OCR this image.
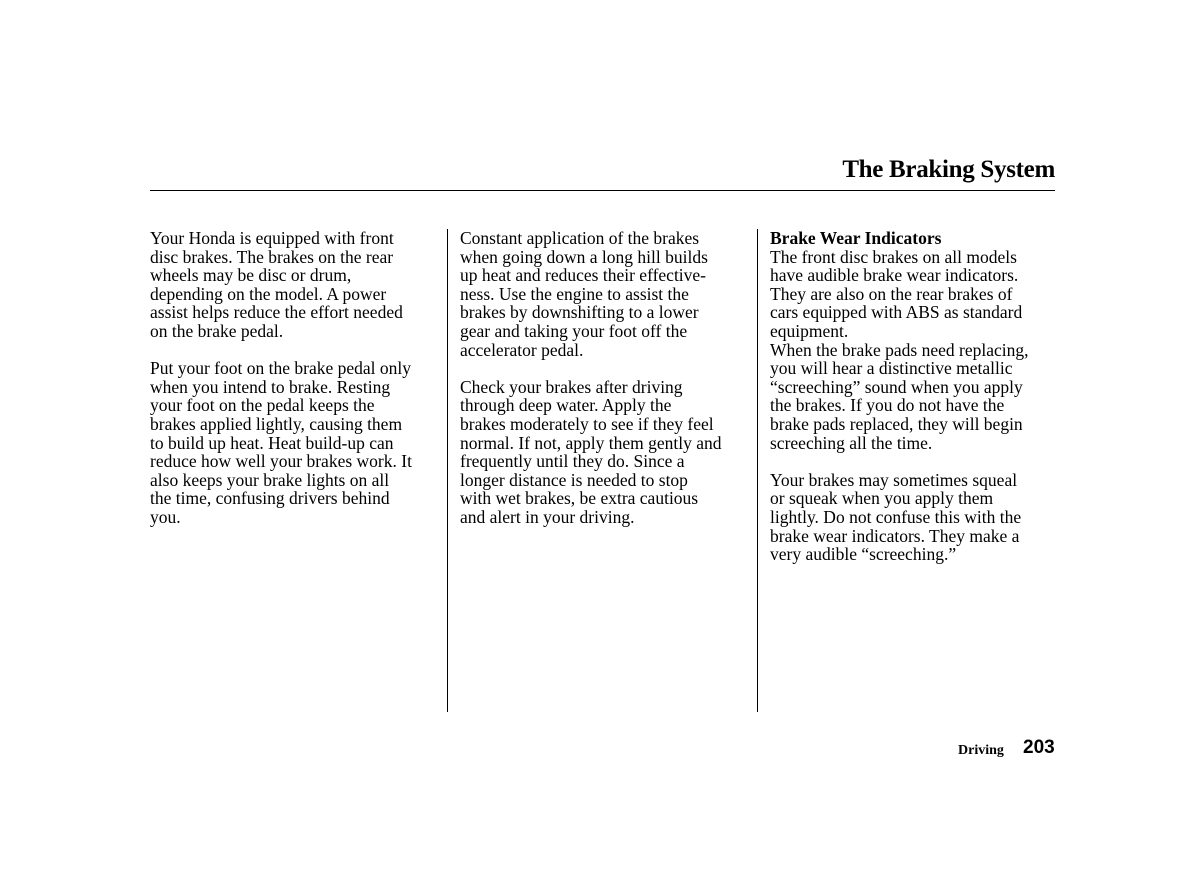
The Braking System

Your Honda is equipped with front
disc brakes. The brakes on the rear
wheels may be disc or drum,
depending on the model. A power
assist helps reduce the effort needed
on the brake pedal.

Put your foot on the brake pedal only
when you intend to brake. Resting
your foot on the pedal keeps the
brakes applied lightly, causing them
to build up heat. Heat build-up can
reduce how well your brakes work. It
also keeps your brake lights on all
the time, confusing drivers behind
you.

Constant application of the brakes
when going down a long hill builds
up heat and reduces their effective-
ness. Use the engine to assist the
brakes by downshifting to a lower
gear and taking your foot off the
accelerator pedal.

Check your brakes after driving
through deep water. Apply the
brakes moderately to see if they feel
normal. If not, apply them gently and
frequently until they do. Since a
longer distance is needed to stop
with wet brakes, be extra cautious
and alert in your driving.

Brake Wear Indicators

The front disc brakes on all models
have audible brake wear indicators.
They are also on the rear brakes of
cars equipped with ABS as standard
equipment.

When the brake pads need replacing,
you will hear a distinctive metallic
“screeching” sound when you apply
the brakes. If you do not have the
brake pads replaced, they will begin
screeching all the time.

Your brakes may sometimes squeal
or squeak when you apply them
lightly. Do not confuse this with the
brake wear indicators. They make a
very audible “screeching.”

Driving 203
